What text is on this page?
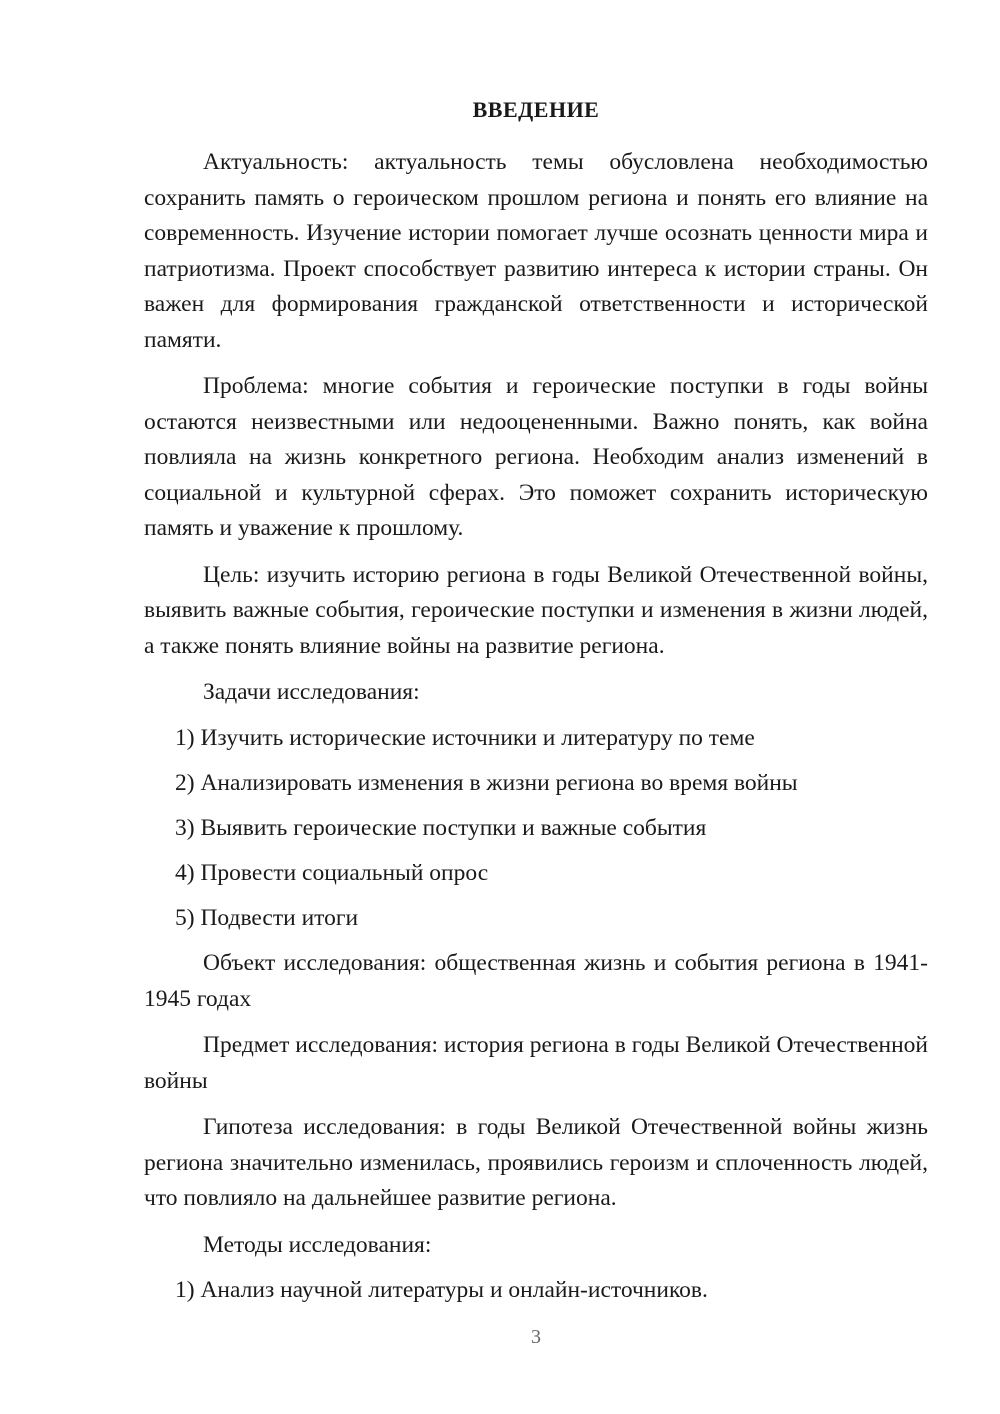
ВВЕДЕНИЕ

Актуальность: актуальность темы обусловлена необходимостью сохранить память о героическом прошлом региона и понять его влияние на современность. Изучение истории помогает лучше осознать ценности мира и патриотизма. Проект способствует развитию интереса к истории страны. Он важен для формирования гражданской ответственности и исторической памяти.

Проблема: многие события и героические поступки в годы войны остаются неизвестными или недооцененными. Важно понять, как война повлияла на жизнь конкретного региона. Необходим анализ изменений в социальной и культурной сферах. Это поможет сохранить историческую память и уважение к прошлому.

Цель: изучить историю региона в годы Великой Отечественной войны, выявить важные события, героические поступки и изменения в жизни людей, а также понять влияние войны на развитие региона.

Задачи исследования:

1) Изучить исторические источники и литературу по теме
2) Анализировать изменения в жизни региона во время войны
3) Выявить героические поступки и важные события
4) Провести социальный опрос
5) Подвести итоги

Объект исследования: общественная жизнь и события региона в 1941-1945 годах

Предмет исследования: история региона в годы Великой Отечественной войны

Гипотеза исследования: в годы Великой Отечественной войны жизнь региона значительно изменилась, проявились героизм и сплоченность людей, что повлияло на дальнейшее развитие региона.

Методы исследования:

1) Анализ научной литературы и онлайн-источников.
3
